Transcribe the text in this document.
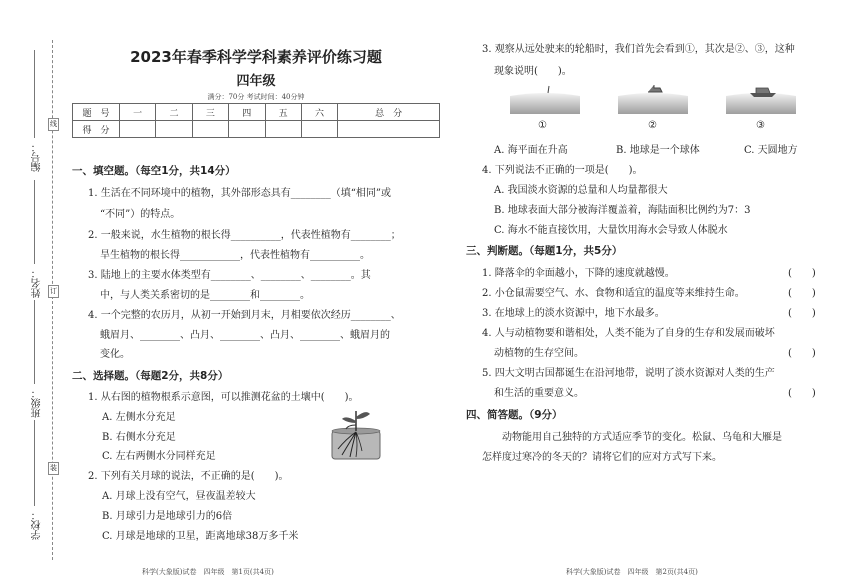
编号：
姓名：
班级：
学校：
线
订
装
2023年春季科学学科素养评价练习题
四年级
满分：70分 考试时间：40分钟
题　号	一	二	三	四	五	六	总　分
得　分							
一、填空题。（每空1分，共14分）
1. 生活在不同环境中的植物，其外部形态具有________（填“相同”或
“不同”）的特点。
2. 一般来说，水生植物的根长得__________，代表性植物有________；
旱生植物的根长得____________，代表性植物有__________。
3. 陆地上的主要水体类型有________、________、________。其
中，与人类关系密切的是________和________。
4. 一个完整的农历月，从初一开始到月末，月相要依次经历________、
蛾眉月、________、凸月、________、凸月、________、蛾眉月的
变化。
二、选择题。（每题2分，共8分）
1. 从右图的植物根系示意图，可以推测花盆的土壤中(　　)。
A. 左侧水分充足
B. 右侧水分充足
C. 左右两侧水分同样充足
2. 下列有关月球的说法，不正确的是(　　)。
A. 月球上没有空气，昼夜温差较大
B. 月球引力是地球引力的6倍
C. 月球是地球的卫星，距离地球38万多千米
科学(大象版)试卷　四年级　第1页(共4页)
3. 观察从远处驶来的轮船时，我们首先会看到①，其次是②、③，这种
现象说明(　　)。
①	②	③
A. 海平面在升高	B. 地球是一个球体	C. 天圆地方
4. 下列说法不正确的一项是(　　)。
A. 我国淡水资源的总量和人均量都很大
B. 地球表面大部分被海洋覆盖着，海陆面积比例约为7：3
C. 海水不能直接饮用，大量饮用海水会导致人体脱水
三、判断题。（每题1分，共5分）
1. 降落伞的伞面越小，下降的速度就越慢。	(　　)
2. 小仓鼠需要空气、水、食物和适宜的温度等来维持生命。	(　　)
3. 在地球上的淡水资源中，地下水最多。	(　　)
4. 人与动植物要和谐相处，人类不能为了自身的生存和发展而破坏
动植物的生存空间。	(　　)
5. 四大文明古国都诞生在沿河地带，说明了淡水资源对人类的生产
和生活的重要意义。	(　　)
四、简答题。（9分）
动物能用自己独特的方式适应季节的变化。松鼠、乌龟和大雁是
怎样度过寒冷的冬天的？请将它们的应对方式写下来。
科学(大象版)试卷　四年级　第2页(共4页)
